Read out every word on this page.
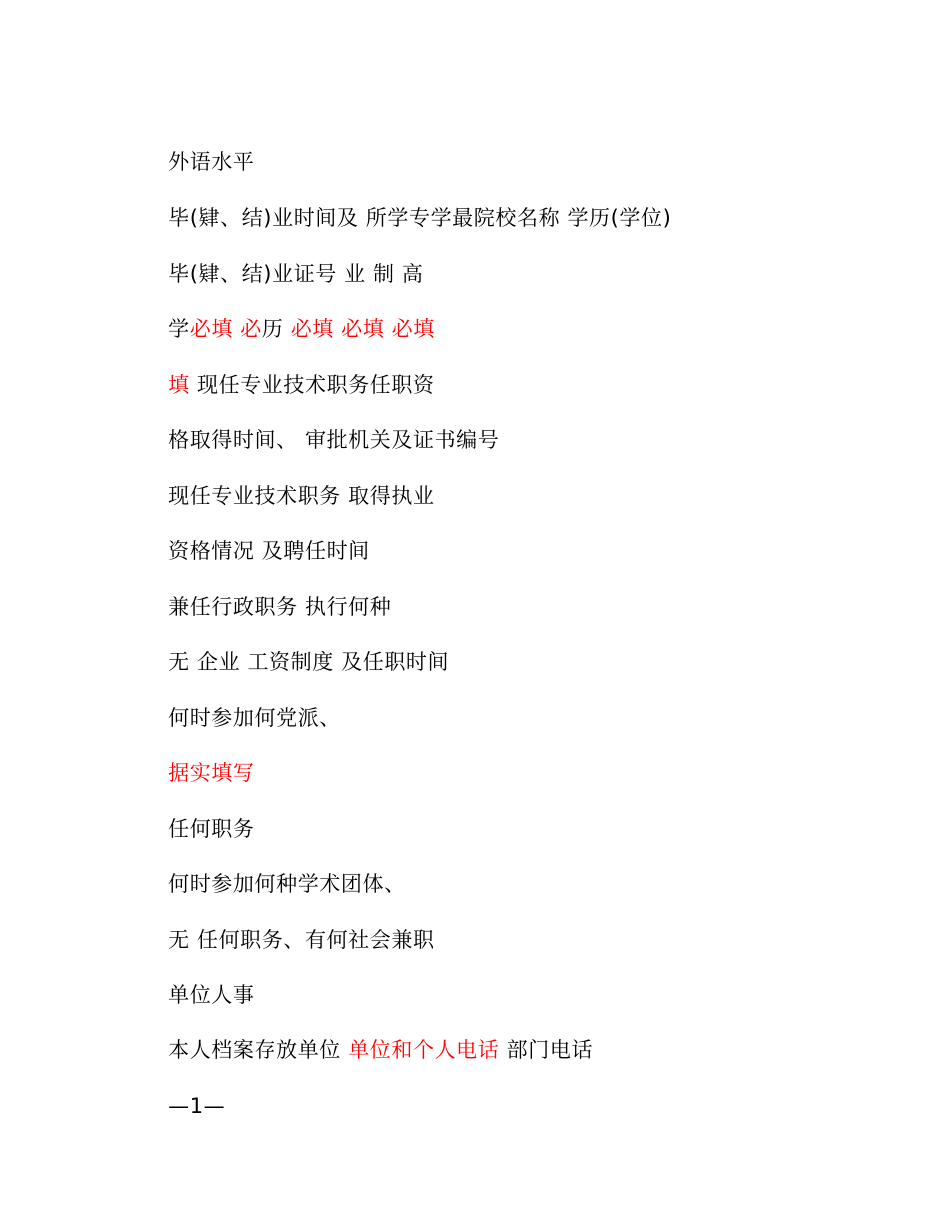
外语水平

毕(肄、结)业时间及 所学专学最院校名称 学历(学位)

毕(肄、结)业证号 业 制 高

学必填 必历 必填 必填 必填

填 现任专业技术职务任职资

格取得时间、 审批机关及证书编号

现任专业技术职务 取得执业

资格情况 及聘任时间

兼任行政职务 执行何种

无 企业 工资制度 及任职时间

何时参加何党派、

据实填写

任何职务

何时参加何种学术团体、

无 任何职务、有何社会兼职

单位人事

本人档案存放单位 单位和个人电话 部门电话

—1—
